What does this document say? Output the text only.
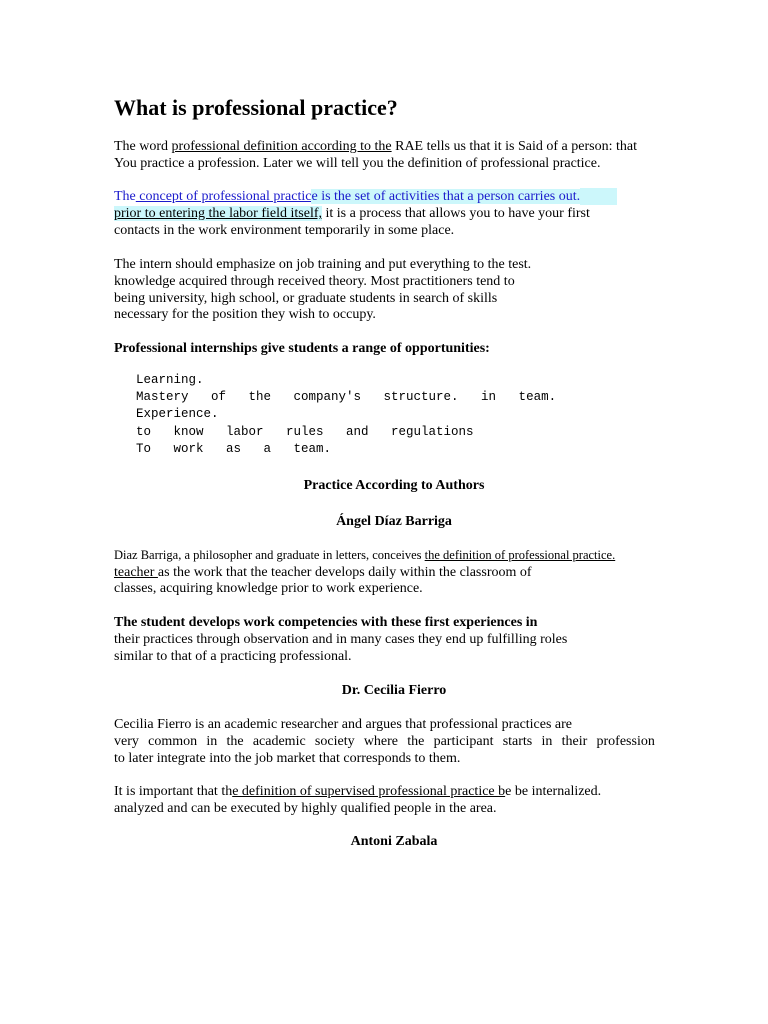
What is professional practice?

The word professional definition according to the RAE tells us that it is Said of a person: that

You practice a profession. Later we will tell you the definition of professional practice.

The concept of professional practice is the set of activities that a person carries out.

prior to entering the labor field itself, it is a process that allows you to have your first

contacts in the work environment temporarily in some place.

The intern should emphasize on job training and put everything to the test.

knowledge acquired through received theory. Most practitioners tend to

being university, high school, or graduate students in search of skills

necessary for the position they wish to occupy.

Professional internships give students a range of opportunities:

Learning.

Mastery   of   the   company's   structure.   in   team.

Experience.

to   know   labor   rules   and   regulations

To   work   as   a   team.

Practice According to Authors

Ángel Díaz Barriga

Diaz Barriga, a philosopher and graduate in letters, conceives the definition of professional practice.

teacher as the work that the teacher develops daily within the classroom of

classes, acquiring knowledge prior to work experience.

The student develops work competencies with these first experiences in

their practices through observation and in many cases they end up fulfilling roles

similar to that of a practicing professional.

Dr. Cecilia Fierro

Cecilia Fierro is an academic researcher and argues that professional practices are

very common in the academic society where the participant starts in their profession

to later integrate into the job market that corresponds to them.

It is important that the definition of supervised professional practice be be internalized.

analyzed and can be executed by highly qualified people in the area.

Antoni Zabala
